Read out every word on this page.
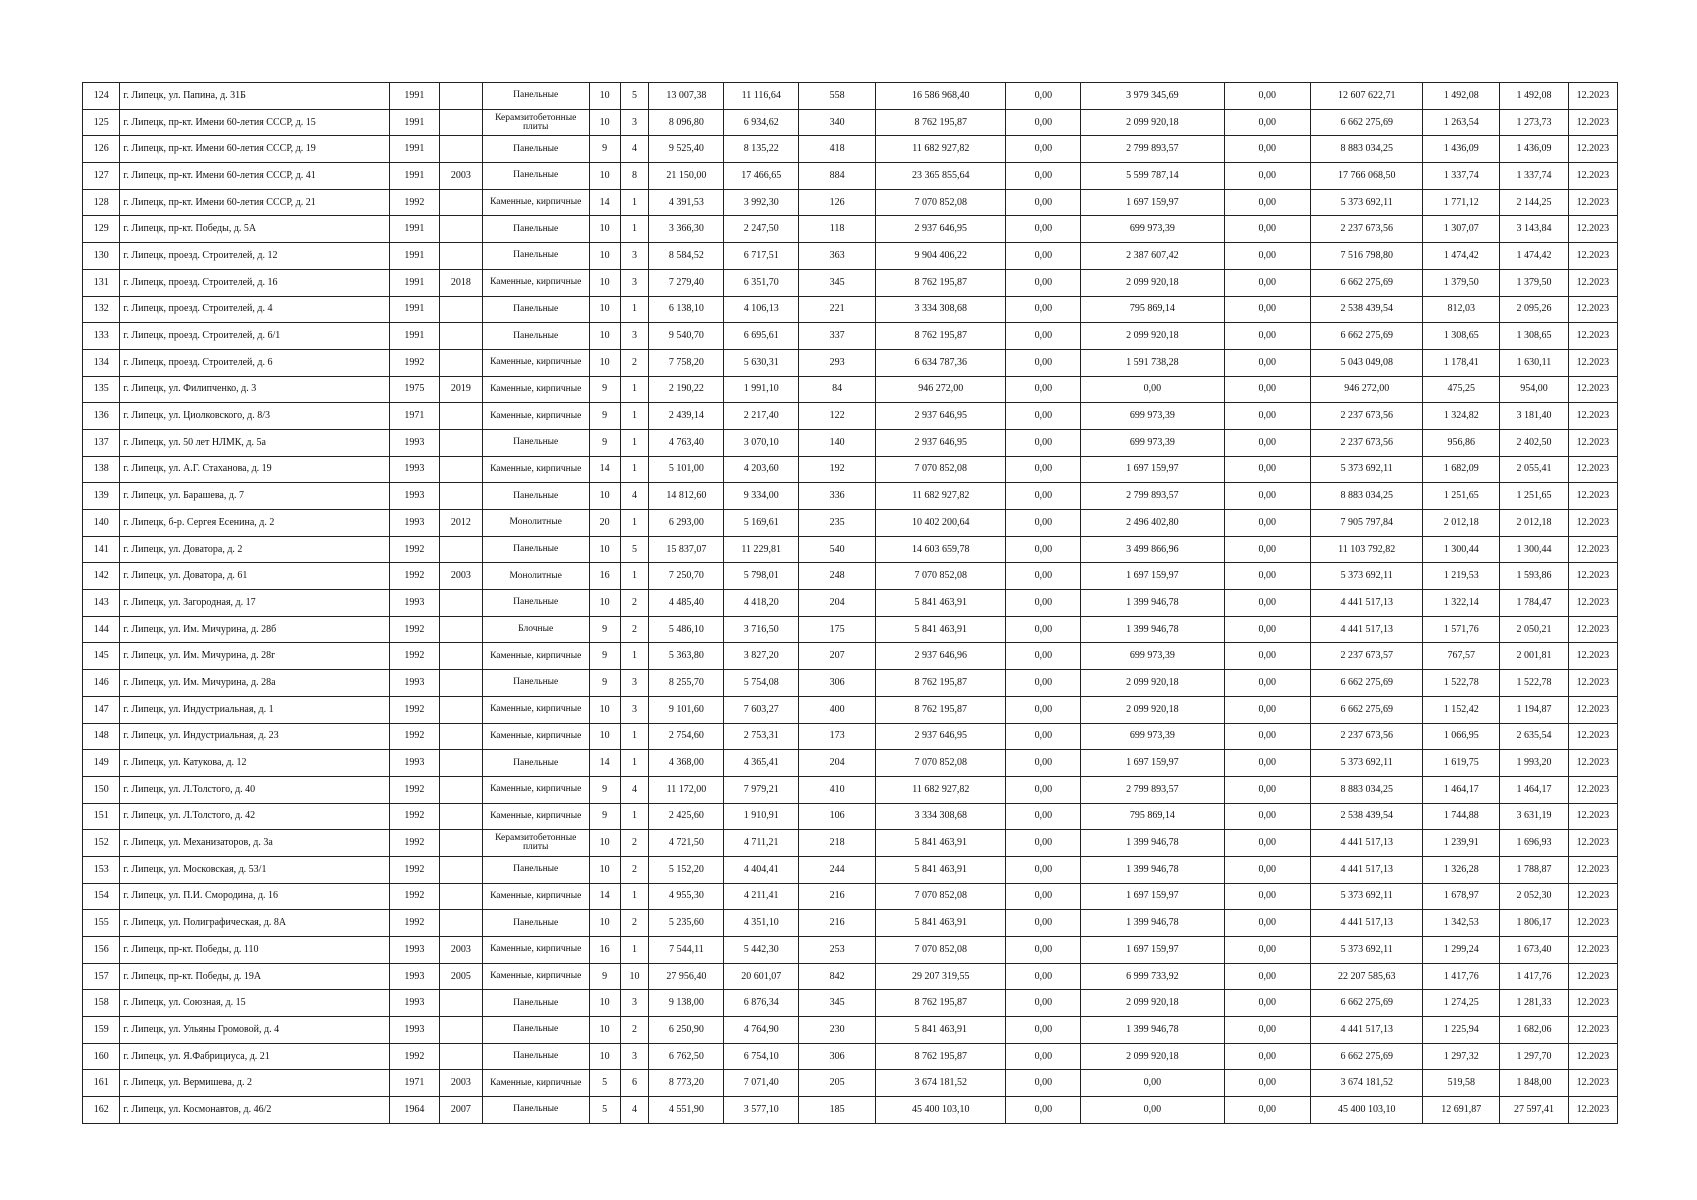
124	г. Липецк, ул. Папина, д. 31Б	1991		Панельные	10	5	13 007,38	11 116,64	558	16 586 968,40	0,00	3 979 345,69	0,00	12 607 622,71	1 492,08	1 492,08	12.2023
125	г. Липецк, пр-кт. Имени 60-летия СССР, д. 15	1991		Керамзитобетонные плиты	10	3	8 096,80	6 934,62	340	8 762 195,87	0,00	2 099 920,18	0,00	6 662 275,69	1 263,54	1 273,73	12.2023
126	г. Липецк, пр-кт. Имени 60-летия СССР, д. 19	1991		Панельные	9	4	9 525,40	8 135,22	418	11 682 927,82	0,00	2 799 893,57	0,00	8 883 034,25	1 436,09	1 436,09	12.2023
127	г. Липецк, пр-кт. Имени 60-летия СССР, д. 41	1991	2003	Панельные	10	8	21 150,00	17 466,65	884	23 365 855,64	0,00	5 599 787,14	0,00	17 766 068,50	1 337,74	1 337,74	12.2023
128	г. Липецк, пр-кт. Имени 60-летия СССР, д. 21	1992		Каменные, кирпичные	14	1	4 391,53	3 992,30	126	7 070 852,08	0,00	1 697 159,97	0,00	5 373 692,11	1 771,12	2 144,25	12.2023
129	г. Липецк, пр-кт. Победы, д. 5А	1991		Панельные	10	1	3 366,30	2 247,50	118	2 937 646,95	0,00	699 973,39	0,00	2 237 673,56	1 307,07	3 143,84	12.2023
130	г. Липецк, проезд. Строителей, д. 12	1991		Панельные	10	3	8 584,52	6 717,51	363	9 904 406,22	0,00	2 387 607,42	0,00	7 516 798,80	1 474,42	1 474,42	12.2023
131	г. Липецк, проезд. Строителей, д. 16	1991	2018	Каменные, кирпичные	10	3	7 279,40	6 351,70	345	8 762 195,87	0,00	2 099 920,18	0,00	6 662 275,69	1 379,50	1 379,50	12.2023
132	г. Липецк, проезд. Строителей, д. 4	1991		Панельные	10	1	6 138,10	4 106,13	221	3 334 308,68	0,00	795 869,14	0,00	2 538 439,54	812,03	2 095,26	12.2023
133	г. Липецк, проезд. Строителей, д. 6/1	1991		Панельные	10	3	9 540,70	6 695,61	337	8 762 195,87	0,00	2 099 920,18	0,00	6 662 275,69	1 308,65	1 308,65	12.2023
134	г. Липецк, проезд. Строителей, д. 6	1992		Каменные, кирпичные	10	2	7 758,20	5 630,31	293	6 634 787,36	0,00	1 591 738,28	0,00	5 043 049,08	1 178,41	1 630,11	12.2023
135	г. Липецк, ул. Филипченко, д. 3	1975	2019	Каменные, кирпичные	9	1	2 190,22	1 991,10	84	946 272,00	0,00	0,00	0,00	946 272,00	475,25	954,00	12.2023
136	г. Липецк, ул. Циолковского, д. 8/3	1971		Каменные, кирпичные	9	1	2 439,14	2 217,40	122	2 937 646,95	0,00	699 973,39	0,00	2 237 673,56	1 324,82	3 181,40	12.2023
137	г. Липецк, ул. 50 лет НЛМК, д. 5а	1993		Панельные	9	1	4 763,40	3 070,10	140	2 937 646,95	0,00	699 973,39	0,00	2 237 673,56	956,86	2 402,50	12.2023
138	г. Липецк, ул. А.Г. Стаханова, д. 19	1993		Каменные, кирпичные	14	1	5 101,00	4 203,60	192	7 070 852,08	0,00	1 697 159,97	0,00	5 373 692,11	1 682,09	2 055,41	12.2023
139	г. Липецк, ул. Барашева, д. 7	1993		Панельные	10	4	14 812,60	9 334,00	336	11 682 927,82	0,00	2 799 893,57	0,00	8 883 034,25	1 251,65	1 251,65	12.2023
140	г. Липецк, б-р. Сергея Есенина, д. 2	1993	2012	Монолитные	20	1	6 293,00	5 169,61	235	10 402 200,64	0,00	2 496 402,80	0,00	7 905 797,84	2 012,18	2 012,18	12.2023
141	г. Липецк, ул. Доватора, д. 2	1992		Панельные	10	5	15 837,07	11 229,81	540	14 603 659,78	0,00	3 499 866,96	0,00	11 103 792,82	1 300,44	1 300,44	12.2023
142	г. Липецк, ул. Доватора, д. 61	1992	2003	Монолитные	16	1	7 250,70	5 798,01	248	7 070 852,08	0,00	1 697 159,97	0,00	5 373 692,11	1 219,53	1 593,86	12.2023
143	г. Липецк, ул. Загородная, д. 17	1993		Панельные	10	2	4 485,40	4 418,20	204	5 841 463,91	0,00	1 399 946,78	0,00	4 441 517,13	1 322,14	1 784,47	12.2023
144	г. Липецк, ул. Им. Мичурина, д. 28б	1992		Блочные	9	2	5 486,10	3 716,50	175	5 841 463,91	0,00	1 399 946,78	0,00	4 441 517,13	1 571,76	2 050,21	12.2023
145	г. Липецк, ул. Им. Мичурина, д. 28г	1992		Каменные, кирпичные	9	1	5 363,80	3 827,20	207	2 937 646,96	0,00	699 973,39	0,00	2 237 673,57	767,57	2 001,81	12.2023
146	г. Липецк, ул. Им. Мичурина, д. 28а	1993		Панельные	9	3	8 255,70	5 754,08	306	8 762 195,87	0,00	2 099 920,18	0,00	6 662 275,69	1 522,78	1 522,78	12.2023
147	г. Липецк, ул. Индустриальная, д. 1	1992		Каменные, кирпичные	10	3	9 101,60	7 603,27	400	8 762 195,87	0,00	2 099 920,18	0,00	6 662 275,69	1 152,42	1 194,87	12.2023
148	г. Липецк, ул. Индустриальная, д. 23	1992		Каменные, кирпичные	10	1	2 754,60	2 753,31	173	2 937 646,95	0,00	699 973,39	0,00	2 237 673,56	1 066,95	2 635,54	12.2023
149	г. Липецк, ул. Катукова, д. 12	1993		Панельные	14	1	4 368,00	4 365,41	204	7 070 852,08	0,00	1 697 159,97	0,00	5 373 692,11	1 619,75	1 993,20	12.2023
150	г. Липецк, ул. Л.Толстого, д. 40	1992		Каменные, кирпичные	9	4	11 172,00	7 979,21	410	11 682 927,82	0,00	2 799 893,57	0,00	8 883 034,25	1 464,17	1 464,17	12.2023
151	г. Липецк, ул. Л.Толстого, д. 42	1992		Каменные, кирпичные	9	1	2 425,60	1 910,91	106	3 334 308,68	0,00	795 869,14	0,00	2 538 439,54	1 744,88	3 631,19	12.2023
152	г. Липецк, ул. Механизаторов, д. 3а	1992		Керамзитобетонные плиты	10	2	4 721,50	4 711,21	218	5 841 463,91	0,00	1 399 946,78	0,00	4 441 517,13	1 239,91	1 696,93	12.2023
153	г. Липецк, ул. Московская, д. 53/1	1992		Панельные	10	2	5 152,20	4 404,41	244	5 841 463,91	0,00	1 399 946,78	0,00	4 441 517,13	1 326,28	1 788,87	12.2023
154	г. Липецк, ул. П.И. Смородина, д. 16	1992		Каменные, кирпичные	14	1	4 955,30	4 211,41	216	7 070 852,08	0,00	1 697 159,97	0,00	5 373 692,11	1 678,97	2 052,30	12.2023
155	г. Липецк, ул. Полиграфическая, д. 8А	1992		Панельные	10	2	5 235,60	4 351,10	216	5 841 463,91	0,00	1 399 946,78	0,00	4 441 517,13	1 342,53	1 806,17	12.2023
156	г. Липецк, пр-кт. Победы, д. 110	1993	2003	Каменные, кирпичные	16	1	7 544,11	5 442,30	253	7 070 852,08	0,00	1 697 159,97	0,00	5 373 692,11	1 299,24	1 673,40	12.2023
157	г. Липецк, пр-кт. Победы, д. 19А	1993	2005	Каменные, кирпичные	9	10	27 956,40	20 601,07	842	29 207 319,55	0,00	6 999 733,92	0,00	22 207 585,63	1 417,76	1 417,76	12.2023
158	г. Липецк, ул. Союзная, д. 15	1993		Панельные	10	3	9 138,00	6 876,34	345	8 762 195,87	0,00	2 099 920,18	0,00	6 662 275,69	1 274,25	1 281,33	12.2023
159	г. Липецк, ул. Ульяны Громовой, д. 4	1993		Панельные	10	2	6 250,90	4 764,90	230	5 841 463,91	0,00	1 399 946,78	0,00	4 441 517,13	1 225,94	1 682,06	12.2023
160	г. Липецк, ул. Я.Фабрициуса, д. 21	1992		Панельные	10	3	6 762,50	6 754,10	306	8 762 195,87	0,00	2 099 920,18	0,00	6 662 275,69	1 297,32	1 297,70	12.2023
161	г. Липецк, ул. Вермишева, д. 2	1971	2003	Каменные, кирпичные	5	6	8 773,20	7 071,40	205	3 674 181,52	0,00	0,00	0,00	3 674 181,52	519,58	1 848,00	12.2023
162	г. Липецк, ул. Космонавтов, д. 46/2	1964	2007	Панельные	5	4	4 551,90	3 577,10	185	45 400 103,10	0,00	0,00	0,00	45 400 103,10	12 691,87	27 597,41	12.2023
